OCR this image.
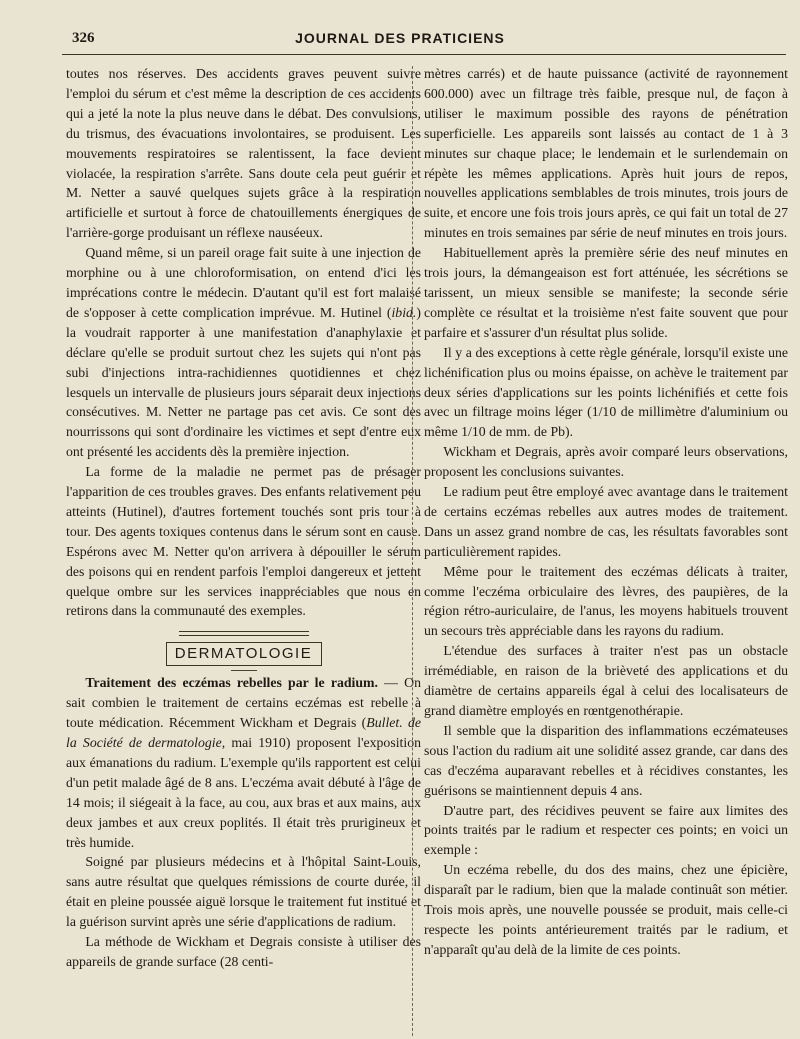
326	JOURNAL DES PRATICIENS

toutes nos réserves. Des accidents graves peuvent suivre l'emploi du sérum et c'est même la description de ces accidents qui a jeté la note la plus neuve dans le débat. Des convulsions, du trismus, des évacuations involontaires, se produisent. Les mouvements respiratoires se ralentissent, la face devient violacée, la respiration s'arrête. Sans doute cela peut guérir et M. Netter a sauvé quelques sujets grâce à la respiration artificielle et surtout à force de chatouillements énergiques de l'arrière-gorge produisant un réflexe nauséeux.

Quand même, si un pareil orage fait suite à une injection de morphine ou à une chloroformisation, on entend d'ici les imprécations contre le médecin. D'autant qu'il est fort malaisé de s'opposer à cette complication imprévue. M. Hutinel (ibid.) la voudrait rapporter à une manifestation d'anaphylaxie et déclare qu'elle se produit surtout chez les sujets qui n'ont pas subi d'injections intra-rachidiennes quotidiennes et chez lesquels un intervalle de plusieurs jours séparait deux injections consécutives. M. Netter ne partage pas cet avis. Ce sont des nourrissons qui sont d'ordinaire les victimes et sept d'entre eux ont présenté les accidents dès la première injection.

La forme de la maladie ne permet pas de présager l'apparition de ces troubles graves. Des enfants relativement peu atteints (Hutinel), d'autres fortement touchés sont pris tour à tour. Des agents toxiques contenus dans le sérum sont en cause. Espérons avec M. Netter qu'on arrivera à dépouiller le sérum des poisons qui en rendent parfois l'emploi dangereux et jettent quelque ombre sur les services inappréciables que nous en retirons dans la communauté des exemples.

DERMATOLOGIE

Traitement des eczémas rebelles par le radium. — On sait combien le traitement de certains eczémas est rebelle à toute médication. Récemment Wickham et Degrais (Bullet. de la Société de dermatologie, mai 1910) proposent l'exposition aux émanations du radium. L'exemple qu'ils rapportent est celui d'un petit malade âgé de 8 ans. L'eczéma avait débuté à l'âge de 14 mois; il siégeait à la face, au cou, aux bras et aux mains, aux deux jambes et aux creux poplités. Il était très prurigineux et très humide.

Soigné par plusieurs médecins et à l'hôpital Saint-Louis, sans autre résultat que quelques rémissions de courte durée, il était en pleine poussée aiguë lorsque le traitement fut institué et la guérison survint après une série d'applications de radium.

La méthode de Wickham et Degrais consiste à utiliser des appareils de grande surface (28 centi-

mètres carrés) et de haute puissance (activité de rayonnement 600.000) avec un filtrage très faible, presque nul, de façon à utiliser le maximum possible des rayons de pénétration superficielle. Les appareils sont laissés au contact de 1 à 3 minutes sur chaque place; le lendemain et le surlendemain on répète les mêmes applications. Après huit jours de repos, nouvelles applications semblables de trois minutes, trois jours de suite, et encore une fois trois jours après, ce qui fait un total de 27 minutes en trois semaines par série de neuf minutes en trois jours.

Habituellement après la première série des neuf minutes en trois jours, la démangeaison est fort atténuée, les sécrétions se tarissent, un mieux sensible se manifeste; la seconde série complète ce résultat et la troisième n'est faite souvent que pour parfaire et s'assurer d'un résultat plus solide.

Il y a des exceptions à cette règle générale, lorsqu'il existe une lichénification plus ou moins épaisse, on achève le traitement par deux séries d'applications sur les points lichénifiés et cette fois avec un filtrage moins léger (1/10 de millimètre d'aluminium ou même 1/10 de mm. de Pb).

Wickham et Degrais, après avoir comparé leurs observations, proposent les conclusions suivantes.

Le radium peut être employé avec avantage dans le traitement de certains eczémas rebelles aux autres modes de traitement. Dans un assez grand nombre de cas, les résultats favorables sont particulièrement rapides.

Même pour le traitement des eczémas délicats à traiter, comme l'eczéma orbiculaire des lèvres, des paupières, de la région rétro-auriculaire, de l'anus, les moyens habituels trouvent un secours très appréciable dans les rayons du radium.

L'étendue des surfaces à traiter n'est pas un obstacle irrémédiable, en raison de la brièveté des applications et du diamètre de certains appareils égal à celui des localisateurs de grand diamètre employés en rœntgenothérapie.

Il semble que la disparition des inflammations eczémateuses sous l'action du radium ait une solidité assez grande, car dans des cas d'eczéma auparavant rebelles et à récidives constantes, les guérisons se maintiennent depuis 4 ans.

D'autre part, des récidives peuvent se faire aux limites des points traités par le radium et respecter ces points; en voici un exemple :

Un eczéma rebelle, du dos des mains, chez une épicière, disparaît par le radium, bien que la malade continuât son métier. Trois mois après, une nouvelle poussée se produit, mais celle-ci respecte les points antérieurement traités par le radium, et n'apparaît qu'au delà de la limite de ces points.
